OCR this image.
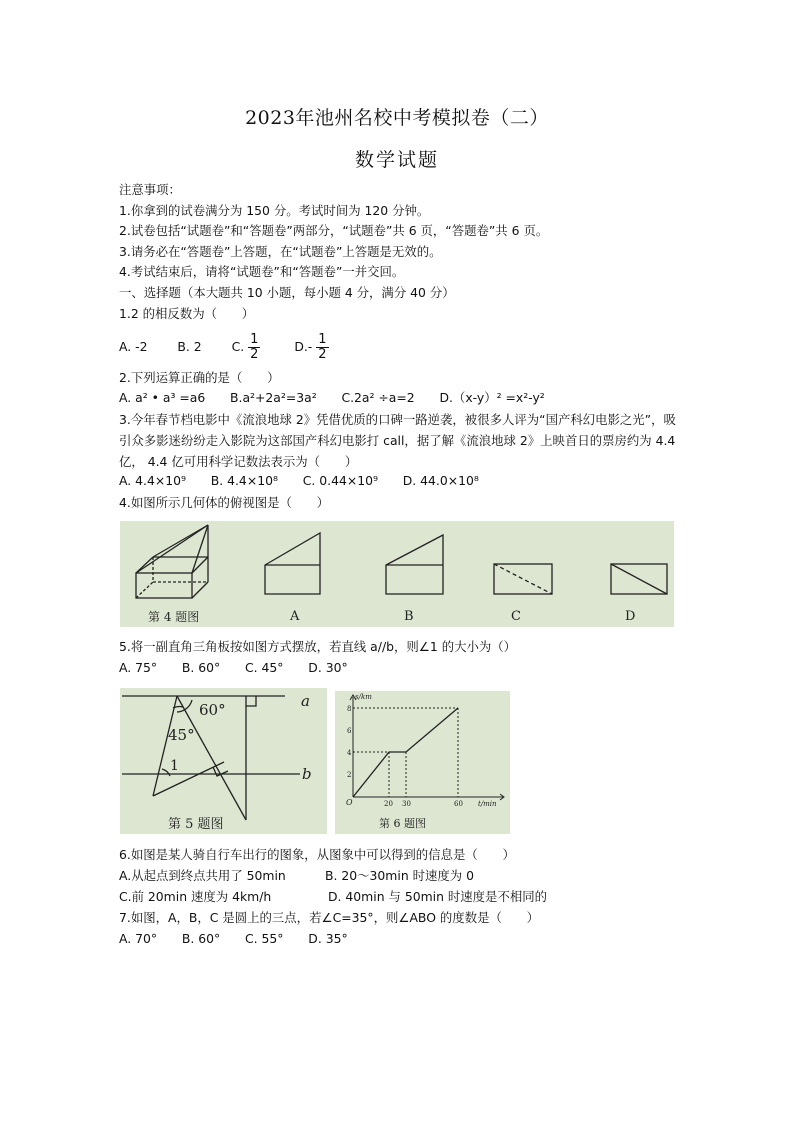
2023年池州名校中考模拟卷（二）
数学试题
注意事项：
1.你拿到的试卷满分为 150 分。考试时间为 120 分钟。
2.试卷包括“试题卷”和“答题卷”两部分，“试题卷”共 6 页，“答题卷”共 6 页。
3.请务必在“答题卷”上答题，在“试题卷”上答题是无效的。
4.考试结束后，请将“试题卷”和“答题卷”一并交回。
一、选择题（本大题共 10 小题，每小题 4 分，满分 40 分）
1.2 的相反数为（　　）
A. -2 B. 2 C. $\frac{1}{2}$	$D.- \frac{1}{2}$
2.下列运算正确的是（　　）
A. a² • a³ =a6　　B.a²+2a²=3a²　　C.2a² ÷a=2　　D.（x-y）² =x²-y²
3.今年春节档电影中《流浪地球 2》凭借优质的口碑一路逆袭，被很多人评为“国产科幻电影之光”，吸引众多影迷纷纷走入影院为这部国产科幻电影打 call，据了解《流浪地球 2》上映首日的票房约为 4.4 亿， 4.4 亿可用科学记数法表示为（　　）
A. 4.4×10⁹　　B. 4.4×10⁸　　C. 0.44×10⁹　　D. 44.0×10⁸
4.如图所示几何体的俯视图是（　　）
第 4 题图	A	B	C	D
5.将一副直角三角板按如图方式摆放，若直线 a//b，则∠1 的大小为（）
A. 75°　　B. 60°　　C. 45°　　D. 30°
60°
45°
1
a
b
第 5 题图
s/km
t/min
O
2
4
6
8
20 30	60
第 6 题图
6.如图是某人骑自行车出行的图象，从图象中可以得到的信息是（　　）
A.从起点到终点共用了 50min	B. 20～30min 时速度为 0
C.前 20min 速度为 4km/h	D. 40min 与 50min 时速度是不相同的
7.如图，A，B，C 是圆上的三点，若∠C=35°，则∠ABO 的度数是（　　）
A. 70°　　B. 60°　　C. 55°　　D. 35°
